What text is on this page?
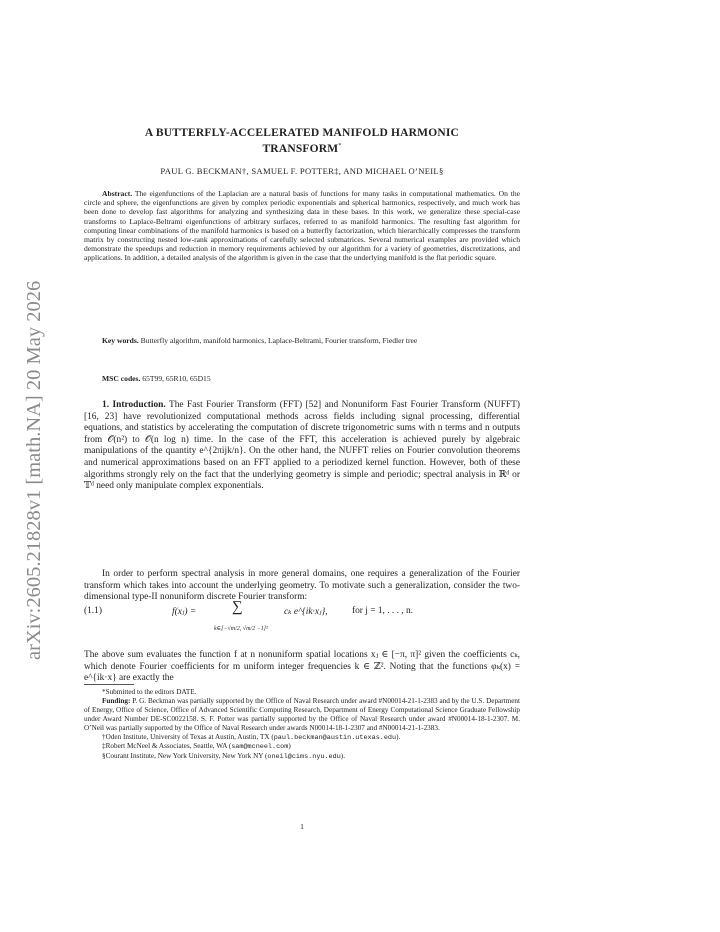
arXiv:2605.21828v1 [math.NA] 20 May 2026
A BUTTERFLY-ACCELERATED MANIFOLD HARMONIC
TRANSFORM*
PAUL G. BECKMAN†, SAMUEL F. POTTER‡, AND MICHAEL O’NEIL§
Abstract. The eigenfunctions of the Laplacian are a natural basis of functions for many tasks in computational mathematics. On the circle and sphere, the eigenfunctions are given by complex periodic exponentials and spherical harmonics, respectively, and much work has been done to develop fast algorithms for analyzing and synthesizing data in these bases. In this work, we generalize these special-case transforms to Laplace-Beltrami eigenfunctions of arbitrary surfaces, referred to as manifold harmonics. The resulting fast algorithm for computing linear combinations of the manifold harmonics is based on a butterfly factorization, which hierarchically compresses the transform matrix by constructing nested low-rank approximations of carefully selected submatrices. Several numerical examples are provided which demonstrate the speedups and reduction in memory requirements achieved by our algorithm for a variety of geometries, discretizations, and applications. In addition, a detailed analysis of the algorithm is given in the case that the underlying manifold is the flat periodic square.
Key words. Butterfly algorithm, manifold harmonics, Laplace-Beltrami, Fourier transform, Fiedler tree
MSC codes. 65T99, 65R10, 65D15

1. Introduction. The Fast Fourier Transform (FFT) [52] and Nonuniform Fast Fourier Transform (NUFFT) [16, 23] have revolutionized computational methods across fields including signal processing, differential equations, and statistics by accelerating the computation of discrete trigonometric sums with n terms and n outputs from 𝒪(n²) to 𝒪(n log n) time. In the case of the FFT, this acceleration is achieved purely by algebraic manipulations of the quantity e^{2πijk/n}. On the other hand, the NUFFT relies on Fourier convolution theorems and numerical approximations based on an FFT applied to a periodized kernel function. However, both of these algorithms strongly rely on the fact that the underlying geometry is simple and periodic; spectral analysis in ℝᵈ or 𝕋ᵈ need only manipulate complex exponentials.

In order to perform spectral analysis in more general domains, one requires a generalization of the Fourier transform which takes into account the underlying geometry. To motivate such a generalization, consider the two-dimensional type-II nonuniform discrete Fourier transform:

(1.1)	f(xⱼ) = ∑
k∈[−√m/2, √m/2 −1]²
cₖ e^{ik·xⱼ},	for j = 1, . . . , n.

The above sum evaluates the function f at n nonuniform spatial locations xⱼ ∈ [−π, π]² given the coefficients cₖ, which denote Fourier coefficients for m uniform integer frequencies k ∈ ℤ². Noting that the functions φₖ(x) = e^{ik·x} are exactly the

*Submitted to the editors DATE.

Funding: P. G. Beckman was partially supported by the Office of Naval Research under award #N00014-21-1-2383 and by the U.S. Department of Energy, Office of Science, Office of Advanced Scientific Computing Research, Department of Energy Computational Science Graduate Fellowship under Award Number DE-SC0022158. S. F. Potter was partially supported by the Office of Naval Research under award #N00014-18-1-2307. M. O’Neil was partially supported by the Office of Naval Research under awards N00014-18-1-2307 and #N00014-21-1-2383.

†Oden Institute, University of Texas at Austin, Austin, TX (paul.beckman@austin.utexas.edu).

‡Robert McNeel & Associates, Seattle, WA (sam@mcneel.com)

§Courant Institute, New York University, New York NY (oneil@cims.nyu.edu).

1
